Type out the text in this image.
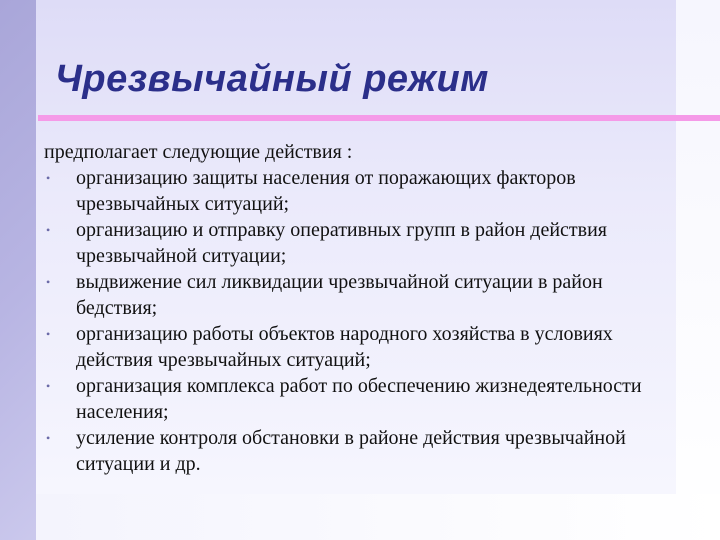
Чрезвычайный режим

предполагает следующие действия :

• организацию защиты населения от поражающих факторов чрезвычайных ситуаций;
• организацию и отправку оперативных групп в район действия чрезвычайной ситуации;
• выдвижение сил ликвидации чрезвычайной ситуации в район бедствия;
• организацию работы объектов народного хозяйства в условиях действия чрезвычайных ситуаций;
• организация комплекса работ по обеспечению жизнедеятельности населения;
• усиление контроля обстановки в районе действия чрезвычайной ситуации и др.
